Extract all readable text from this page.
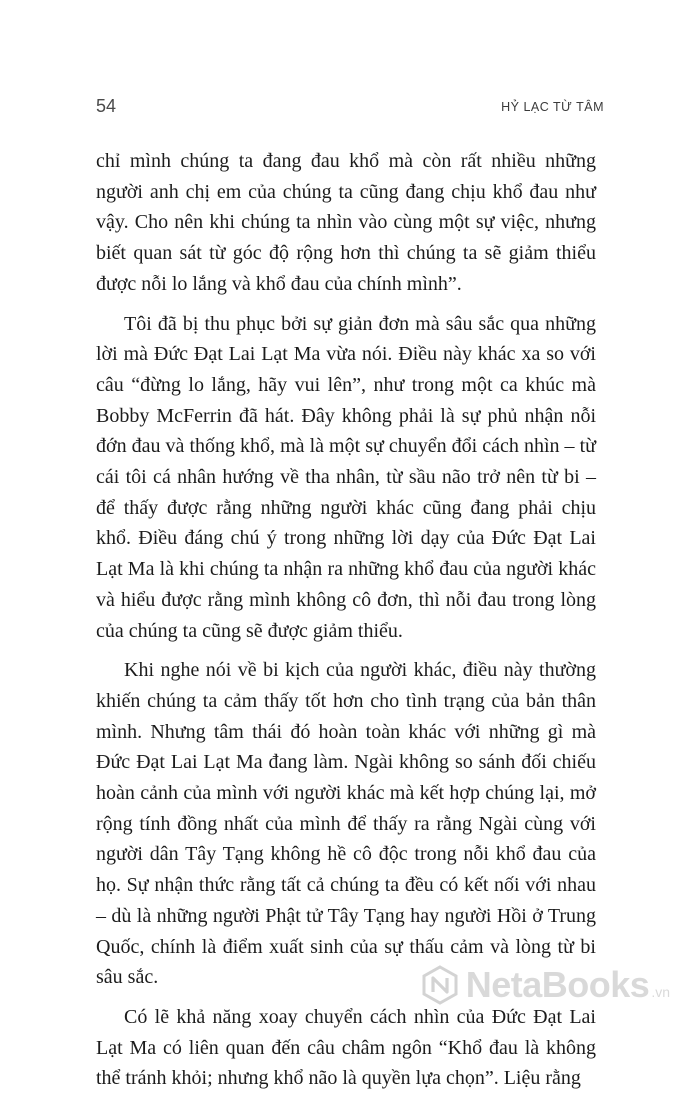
54	HỶ LẠC TỪ TÂM

chỉ mình chúng ta đang đau khổ mà còn rất nhiều những người anh chị em của chúng ta cũng đang chịu khổ đau như vậy. Cho nên khi chúng ta nhìn vào cùng một sự việc, nhưng biết quan sát từ góc độ rộng hơn thì chúng ta sẽ giảm thiểu được nỗi lo lắng và khổ đau của chính mình”.

Tôi đã bị thu phục bởi sự giản đơn mà sâu sắc qua những lời mà Đức Đạt Lai Lạt Ma vừa nói. Điều này khác xa so với câu “đừng lo lắng, hãy vui lên”, như trong một ca khúc mà Bobby McFerrin đã hát. Đây không phải là sự phủ nhận nỗi đớn đau và thống khổ, mà là một sự chuyển đổi cách nhìn – từ cái tôi cá nhân hướng về tha nhân, từ sầu não trở nên từ bi – để thấy được rằng những người khác cũng đang phải chịu khổ. Điều đáng chú ý trong những lời dạy của Đức Đạt Lai Lạt Ma là khi chúng ta nhận ra những khổ đau của người khác và hiểu được rằng mình không cô đơn, thì nỗi đau trong lòng của chúng ta cũng sẽ được giảm thiểu.

Khi nghe nói về bi kịch của người khác, điều này thường khiến chúng ta cảm thấy tốt hơn cho tình trạng của bản thân mình. Nhưng tâm thái đó hoàn toàn khác với những gì mà Đức Đạt Lai Lạt Ma đang làm. Ngài không so sánh đối chiếu hoàn cảnh của mình với người khác mà kết hợp chúng lại, mở rộng tính đồng nhất của mình để thấy ra rằng Ngài cùng với người dân Tây Tạng không hề cô độc trong nỗi khổ đau của họ. Sự nhận thức rằng tất cả chúng ta đều có kết nối với nhau – dù là những người Phật tử Tây Tạng hay người Hồi ở Trung Quốc, chính là điểm xuất sinh của sự thấu cảm và lòng từ bi sâu sắc.

Có lẽ khả năng xoay chuyển cách nhìn của Đức Đạt Lai Lạt Ma có liên quan đến câu châm ngôn “Khổ đau là không thể tránh khỏi; nhưng khổ não là quyền lựa chọn”. Liệu rằng

NetaBooks .vn
